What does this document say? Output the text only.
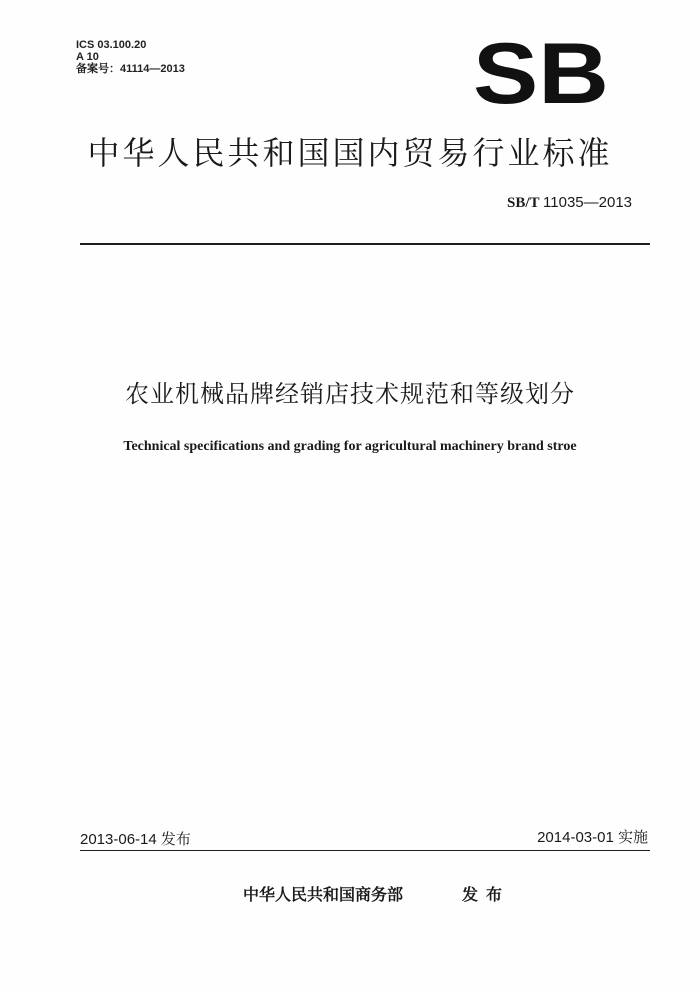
ICS 03.100.20
A 10
备案号：41114—2013	SB
中华人民共和国国内贸易行业标准
SB/T 11035—2013
农业机械品牌经销店技术规范和等级划分
Technical specifications and grading for agricultural machinery brand stroe
2013-06-14 发布	2014-03-01 实施
中华人民共和国商务部	发布
